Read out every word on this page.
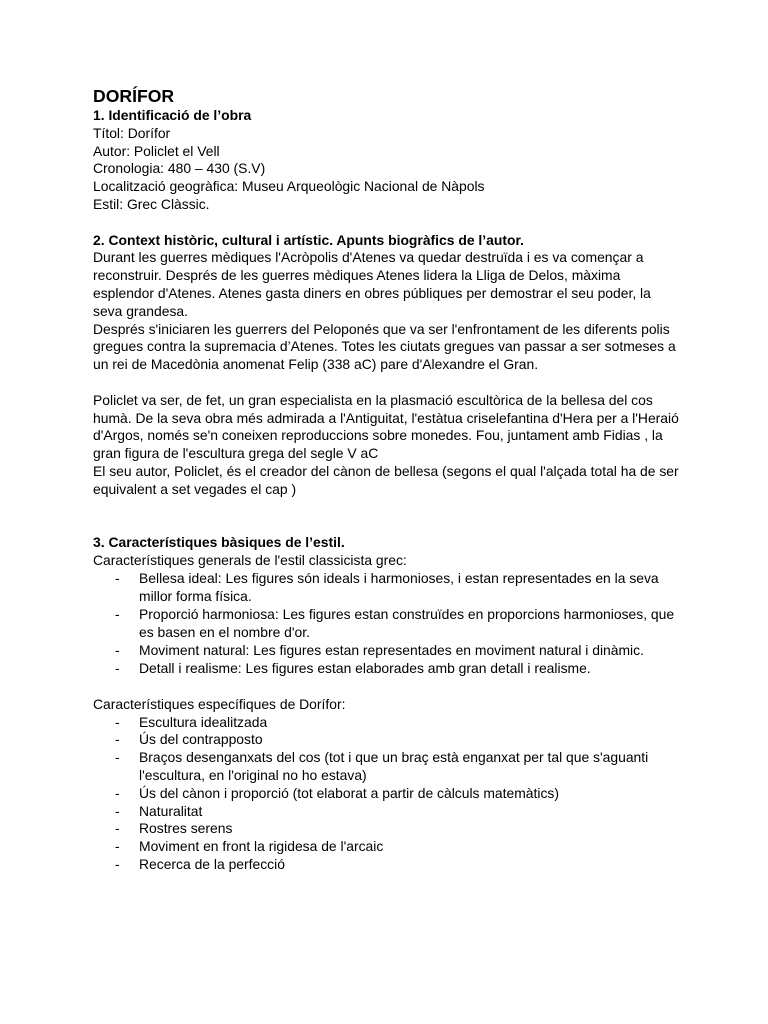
DORÍFOR

1. Identificació de l’obra

Títol: Dorífor

Autor: Policlet el Vell

Cronologia: 480 – 430 (S.V)

Localització geogràfica: Museu Arqueològic Nacional de Nàpols

Estil: Grec Clàssic.

2. Context històric, cultural i artístic. Apunts biogràfics de l’autor.

Durant les guerres mèdiques l'Acròpolis d'Atenes va quedar destruïda i es va començar a reconstruir. Després de les guerres mèdiques Atenes lidera la Lliga de Delos, màxima esplendor d'Atenes. Atenes gasta diners en obres públiques per demostrar el seu poder, la seva grandesa.

Després s'iniciaren les guerrers del Peloponés que va ser l'enfrontament de les diferents polis gregues contra la supremacia d’Atenes. Totes les ciutats gregues van passar a ser sotmeses a un rei de Macedònia anomenat Felip (338 aC) pare d'Alexandre el Gran.

Policlet va ser, de fet, un gran especialista en la plasmació escultòrica de la bellesa del cos humà. De la seva obra més admirada a l'Antiguitat, l'estàtua criselefantina d'Hera per a l'Heraió d'Argos, només se'n coneixen reproduccions sobre monedes. Fou, juntament amb Fidias , la gran figura de l'escultura grega del segle V aC

El seu autor, Policlet, és el creador del cànon de bellesa (segons el qual l'alçada total ha de ser equivalent a set vegades el cap )

3. Característiques bàsiques de l’estil.

Característiques generals de l'estil classicista grec:

- Bellesa ideal: Les figures són ideals i harmonioses, i estan representades en la seva millor forma física.
- Proporció harmoniosa: Les figures estan construïdes en proporcions harmonioses, que es basen en el nombre d'or.
- Moviment natural: Les figures estan representades en moviment natural i dinàmic.
- Detall i realisme: Les figures estan elaborades amb gran detall i realisme.

Característiques específiques de Dorífor:

- Escultura idealitzada
- Ús del contrapposto
- Braços desenganxats del cos (tot i que un braç està enganxat per tal que s'aguanti l'escultura, en l'original no ho estava)
- Ús del cànon i proporció (tot elaborat a partir de càlculs matemàtics)
- Naturalitat
- Rostres serens
- Moviment en front la rigidesa de l'arcaic
- Recerca de la perfecció
